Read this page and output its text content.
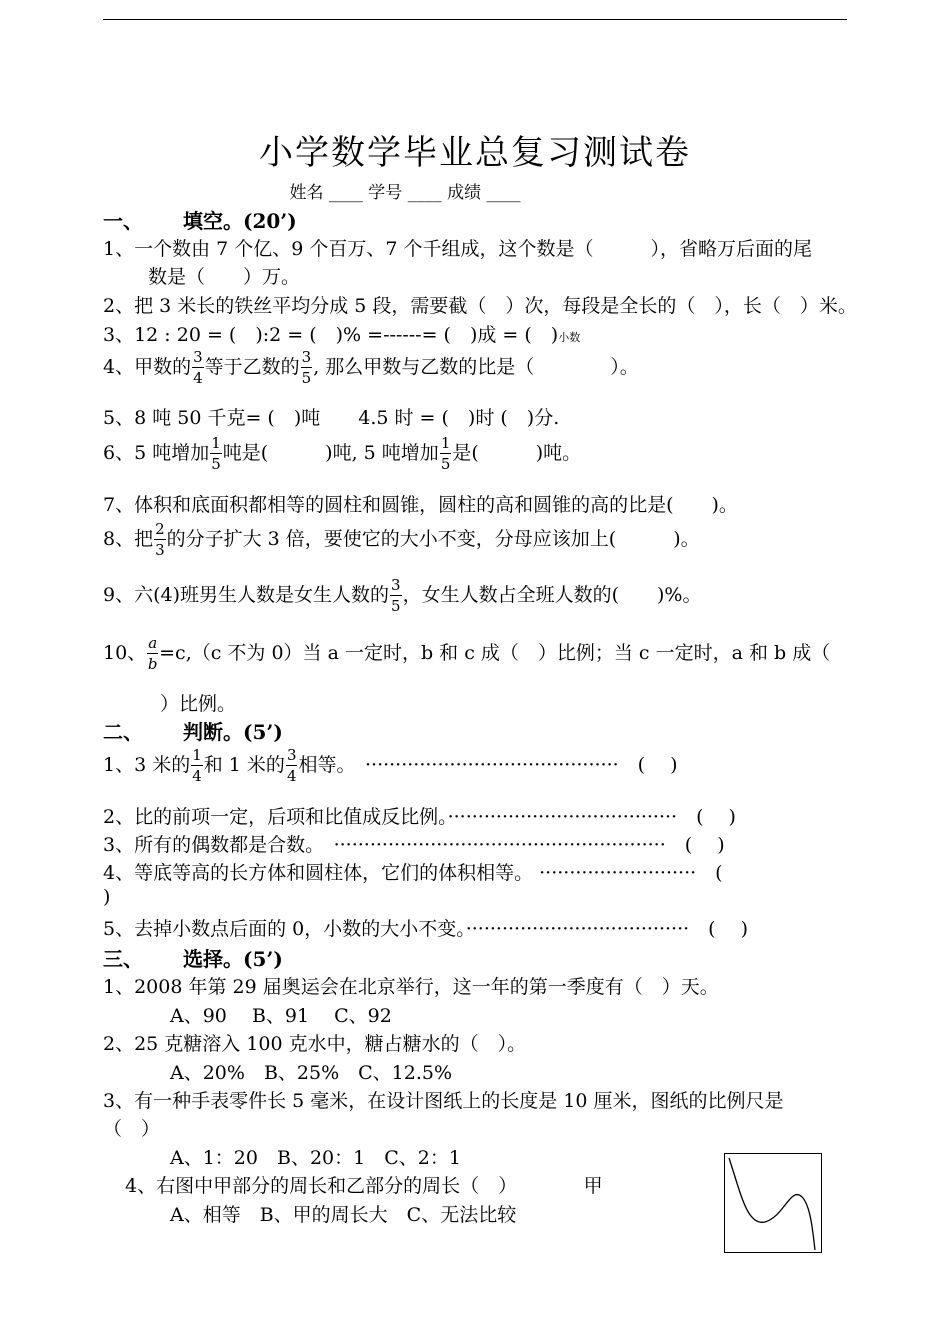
小学数学毕业总复习测试卷
姓名 ____ 学号 ____ 成绩 ____
一、 填空。(20’)
1、一个数由 7 个亿、9 个百万、7 个千组成，这个数是（　　　），省略万后面的尾
数是（　　）万。
2、把 3 米长的铁丝平均分成 5 段，需要截（　）次，每段是全长的（　），长（　）米。
3、12 : 20 = (　):2 = (　)% =------= (　)成 = (　)小数
4、甲数的 $\frac{3}{4}$ 等于乙数的 $\frac{3}{5}$ , 那么甲数与乙数的比是（　　　　）。
5、8 吨 50 千克= (　)吨　　4.5 时 = (　)时 (　)分.
6、5 吨增加 $\frac{1}{5}$ 吨是(　　　)吨, 5 吨增加 $\frac{1}{5}$ 是(　　　)吨。
7、体积和底面积都相等的圆柱和圆锥，圆柱的高和圆锥的高的比是(　　)。
8、把 $\frac{2}{3}$ 的分子扩大 3 倍，要使它的大小不变，分母应该加上(　　　)。
9、六(4)班男生人数是女生人数的 $\frac{3}{5}$ ，女生人数占全班人数的(　　)%。
10、 $\frac{a}{b} =c,(c$ 不为 0）当 a 一定时，b 和 c 成（　）比例；当 c 一定时，a 和 b 成（
）比例。
二、 判断。(5’)
1、3 米的 $\frac{1}{4}$ 和 1 米的 $\frac{3}{4}$ 相等。　··········································　(　 )
2、比的前项一定，后项和比值成反比例。······································　(　 )
3、所有的偶数都是合数。　·······················································　(　 )
4、等底等高的长方体和圆柱体，它们的体积相等。 ··························　(
)
5、去掉小数点后面的 0，小数的大小不变。·····································　(　 )
三、 选择。(5’)
1、2008 年第 29 届奥运会在北京举行，这一年的第一季度有（　）天。
A、90　 B、91　 C、92
2、25 克糖溶入 100 克水中，糖占糖水的（　）。
A、20%　B、25%　C、12.5%
3、有一种手表零件长 5 毫米，在设计图纸上的长度是 10 厘米，图纸的比例尺是
（　）
A、1：20　B、20：1　C、2：1
4、右图中甲部分的周长和乙部分的周长（　）　　　　甲
A、相等　B、甲的周长大　C、无法比较
